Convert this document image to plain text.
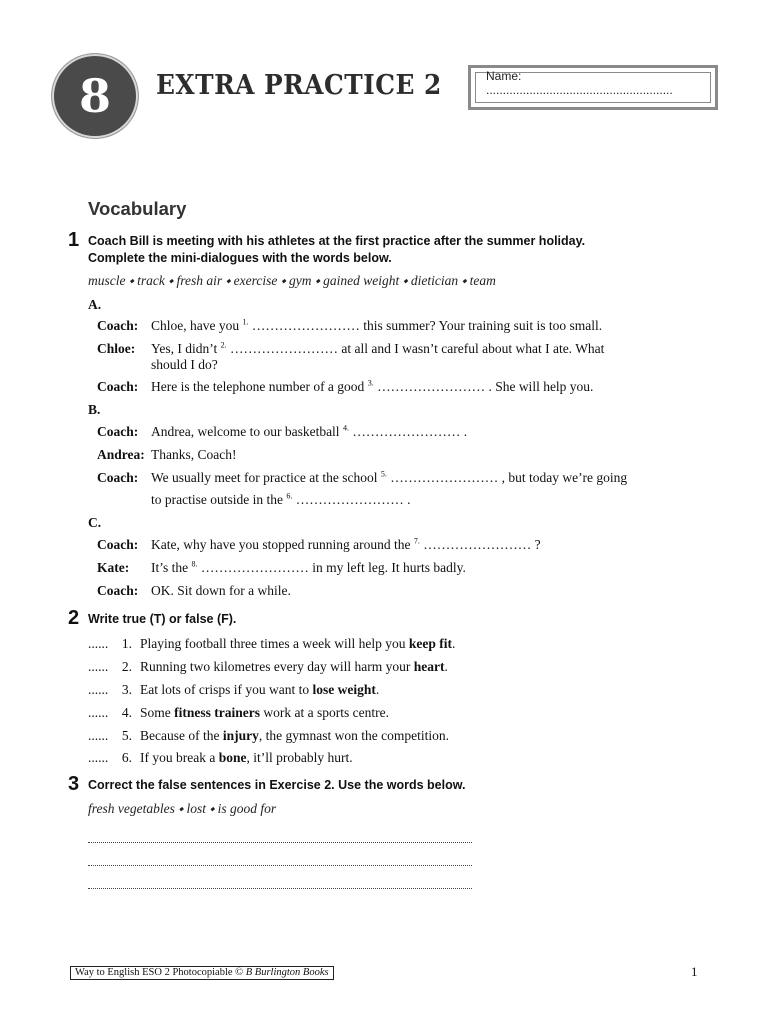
8 EXTRA PRACTICE 2	Name: ........................................................
Vocabulary
1 Coach Bill is meeting with his athletes at the first practice after the summer holiday.
Complete the mini-dialogues with the words below.
muscle ⬩ track ⬩ fresh air ⬩ exercise ⬩ gym ⬩ gained weight ⬩ dietician ⬩ team
A.
Coach: Chloe, have you $^{1.}$ …………………… this summer? Your training suit is too small.
Chloe: Yes, I didn’t $^{2.}$ …………………… at all and I wasn’t careful about what I ate. What
should I do?
Coach: Here is the telephone number of a good $^{3.}$ …………………… . She will help you.
B.
Coach: Andrea, welcome to our basketball $^{4.}$ …………………… .
Andrea: Thanks, Coach!
Coach: We usually meet for practice at the school $^{5.}$ …………………… , but today we’re going
to practise outside in the $^{6.}$ …………………… .
C.
Coach: Kate, why have you stopped running around the $^{7.}$ …………………… ?
Kate: It’s the $^{8.}$ …………………… in my left leg. It hurts badly.
Coach: OK. Sit down for a while.
2 Write true (T) or false (F).
...... 1. Playing football three times a week will help you keep fit.
...... 2. Running two kilometres every day will harm your heart.
...... 3. Eat lots of crisps if you want to lose weight.
...... 4. Some fitness trainers work at a sports centre.
...... 5. Because of the injury, the gymnast won the competition.
...... 6. If you break a bone, it’ll probably hurt.
3 Correct the false sentences in Exercise 2. Use the words below.
fresh vegetables ⬩ lost ⬩ is good for
Way to English ESO 2 Photocopiable © B Burlington Books	1
